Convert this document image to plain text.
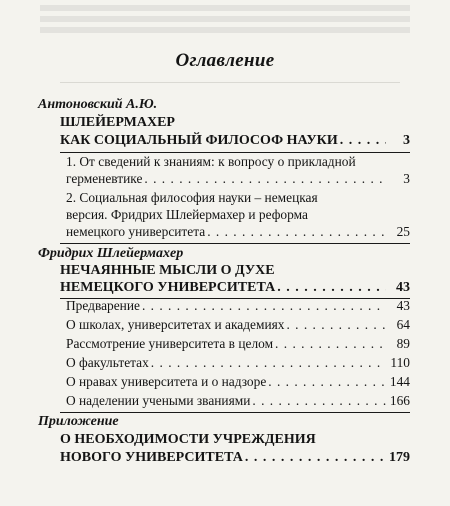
Оглавление
Антоновский А.Ю.
ШЛЕЙЕРМАХЕР
КАК СОЦИАЛЬНЫЙ ФИЛОСОФ НАУКИ . . .	3
1. От сведений к знаниям: к вопросу о прикладной
герменевтике . . .	3
2. Социальная философия науки – немецкая
версия. Фридрих Шлейермахер и реформа
немецкого университета . . .	25
Фридрих Шлейермахер
НЕЧАЯННЫЕ МЫСЛИ О ДУХЕ
НЕМЕЦКОГО УНИВЕРСИТЕТА . . .	43
Предварение . . .	43
О школах, университетах и академиях . . .	64
Рассмотрение университета в целом . . .	89
О факультетах . . .	110
О нравах университета и о надзоре . . .	144
О наделении учеными званиями . . .	166
Приложение
О НЕОБХОДИМОСТИ УЧРЕЖДЕНИЯ
НОВОГО УНИВЕРСИТЕТА . . .	179
